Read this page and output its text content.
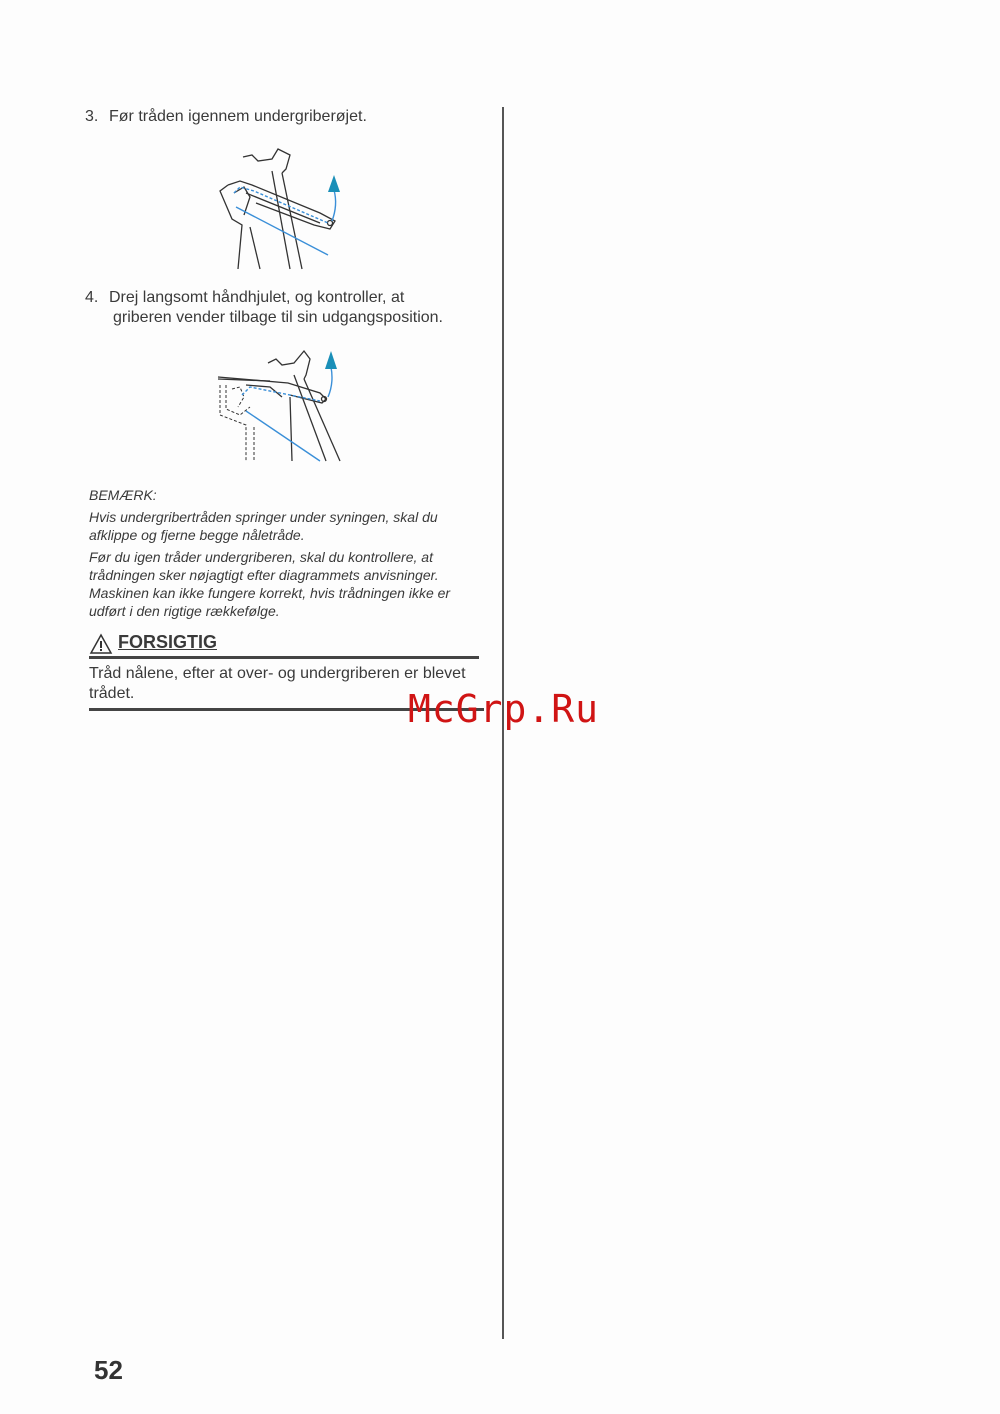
3. Før tråden igennem undergriberøjet.
4. Drej langsomt håndhjulet, og kontroller, at
griberen vender tilbage til sin udgangsposition.

BEMÆRK:

Hvis undergribertråden springer under syningen, skal du afklippe og fjerne begge nåletråde.

Før du igen tråder undergriberen, skal du kontrollere, at trådningen sker nøjagtigt efter diagrammets anvisninger. Maskinen kan ikke fungere korrekt, hvis trådningen ikke er udført i den rigtige rækkefølge.

FORSIGTIG
Tråd nålene, efter at over- og undergriberen er blevet trådet.	McGrp.Ru
52
